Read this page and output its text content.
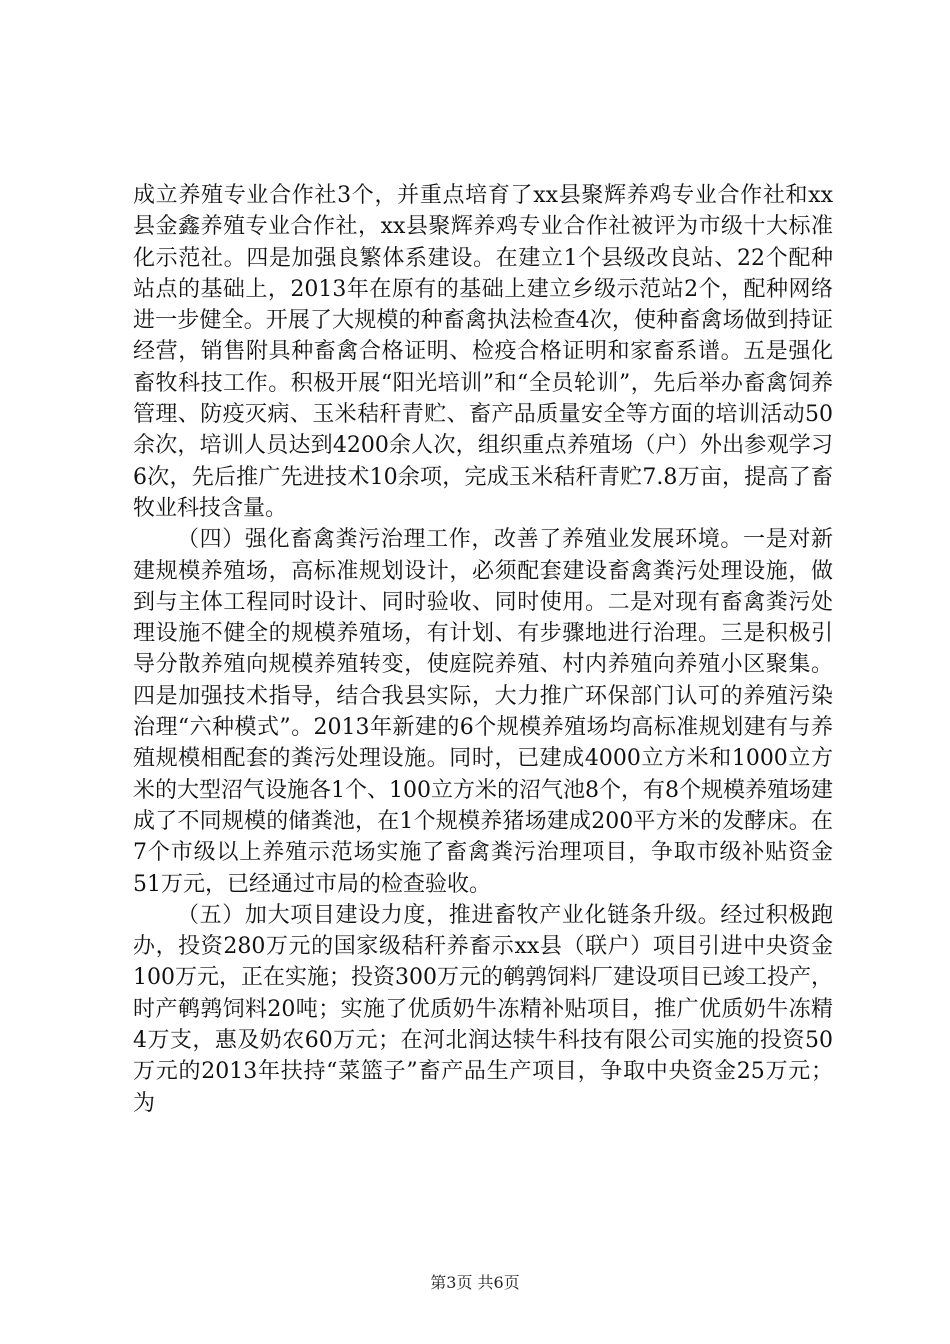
成立养殖专业合作社3个，并重点培育了xx县聚辉养鸡专业合作社和xx县金鑫养殖专业合作社，xx县聚辉养鸡专业合作社被评为市级十大标准化示范社。四是加强良繁体系建设。在建立1个县级改良站、22个配种站点的基础上，2013年在原有的基础上建立乡级示范站2个，配种网络进一步健全。开展了大规模的种畜禽执法检查4次，使种畜禽场做到持证经营，销售附具种畜禽合格证明、检疫合格证明和家畜系谱。五是强化畜牧科技工作。积极开展“阳光培训”和“全员轮训”，先后举办畜禽饲养管理、防疫灭病、玉米秸秆青贮、畜产品质量安全等方面的培训活动50余次，培训人员达到4200余人次，组织重点养殖场（户）外出参观学习6次，先后推广先进技术10余项，完成玉米秸秆青贮7.8万亩，提高了畜牧业科技含量。

（四）强化畜禽粪污治理工作，改善了养殖业发展环境。一是对新建规模养殖场，高标准规划设计，必须配套建设畜禽粪污处理设施，做到与主体工程同时设计、同时验收、同时使用。二是对现有畜禽粪污处理设施不健全的规模养殖场，有计划、有步骤地进行治理。三是积极引导分散养殖向规模养殖转变，使庭院养殖、村内养殖向养殖小区聚集。四是加强技术指导，结合我县实际，大力推广环保部门认可的养殖污染治理“六种模式”。2013年新建的6个规模养殖场均高标准规划建有与养殖规模相配套的粪污处理设施。同时，已建成4000立方米和1000立方米的大型沼气设施各1个、100立方米的沼气池8个，有8个规模养殖场建成了不同规模的储粪池，在1个规模养猪场建成200平方米的发酵床。在7个市级以上养殖示范场实施了畜禽粪污治理项目，争取市级补贴资金51万元，已经通过市局的检查验收。

（五）加大项目建设力度，推进畜牧产业化链条升级。经过积极跑办，投资280万元的国家级秸秆养畜示xx县（联户）项目引进中央资金100万元，正在实施；投资300万元的鹌鹑饲料厂建设项目已竣工投产，时产鹌鹑饲料20吨；实施了优质奶牛冻精补贴项目，推广优质奶牛冻精4万支，惠及奶农60万元；在河北润达犊牛科技有限公司实施的投资50万元的2013年扶持“菜篮子”畜产品生产项目，争取中央资金25万元；为

第3页 共6页
